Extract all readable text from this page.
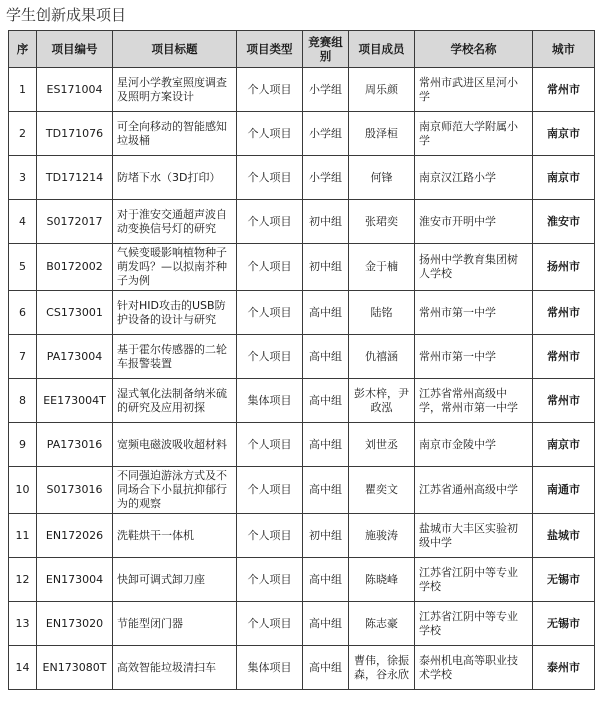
学生创新成果项目
序	项目编号	项目标题	项目类型	竞赛组别	项目成员	学校名称	城市
1	ES171004	星河小学教室照度调查及照明方案设计	个人项目	小学组	周乐颜	常州市武进区星河小学	常州市
2	TD171076	可全向移动的智能感知垃圾桶	个人项目	小学组	殷泽桓	南京师范大学附属小学	南京市
3	TD171214	防堵下水（3D打印）	个人项目	小学组	何锋	南京汉江路小学	南京市
4	S0172017	对于淮安交通超声波自动变换信号灯的研究	个人项目	初中组	张珺奕	淮安市开明中学	淮安市
5	B0172002	气候变暖影响植物种子萌发吗？—以拟南芥种子为例	个人项目	初中组	金于楠	扬州中学教育集团树人学校	扬州市
6	CS173001	针对HID攻击的USB防护设备的设计与研究	个人项目	高中组	陆铭	常州市第一中学	常州市
7	PA173004	基于霍尔传感器的二轮车报警装置	个人项目	高中组	仇禧涵	常州市第一中学	常州市
8	EE173004T	湿式氧化法制备纳米硫的研究及应用初探	集体项目	高中组	彭木梓，尹政泓	江苏省常州高级中学，常州市第一中学	常州市
9	PA173016	宽频电磁波吸收超材料	个人项目	高中组	刘世丞	南京市金陵中学	南京市
10	S0173016	不同强迫游泳方式及不同场合下小鼠抗抑郁行为的观察	个人项目	高中组	瞿奕文	江苏省通州高级中学	南通市
11	EN172026	洗鞋烘干一体机	个人项目	初中组	施骏涛	盐城市大丰区实验初级中学	盐城市
12	EN173004	快卸可调式卸刀座	个人项目	高中组	陈晓峰	江苏省江阴中等专业学校	无锡市
13	EN173020	节能型闭门器	个人项目	高中组	陈志豪	江苏省江阴中等专业学校	无锡市
14	EN173080T	高效智能垃圾清扫车	集体项目	高中组	曹伟，徐振森，谷永欣	泰州机电高等职业技术学校	泰州市
